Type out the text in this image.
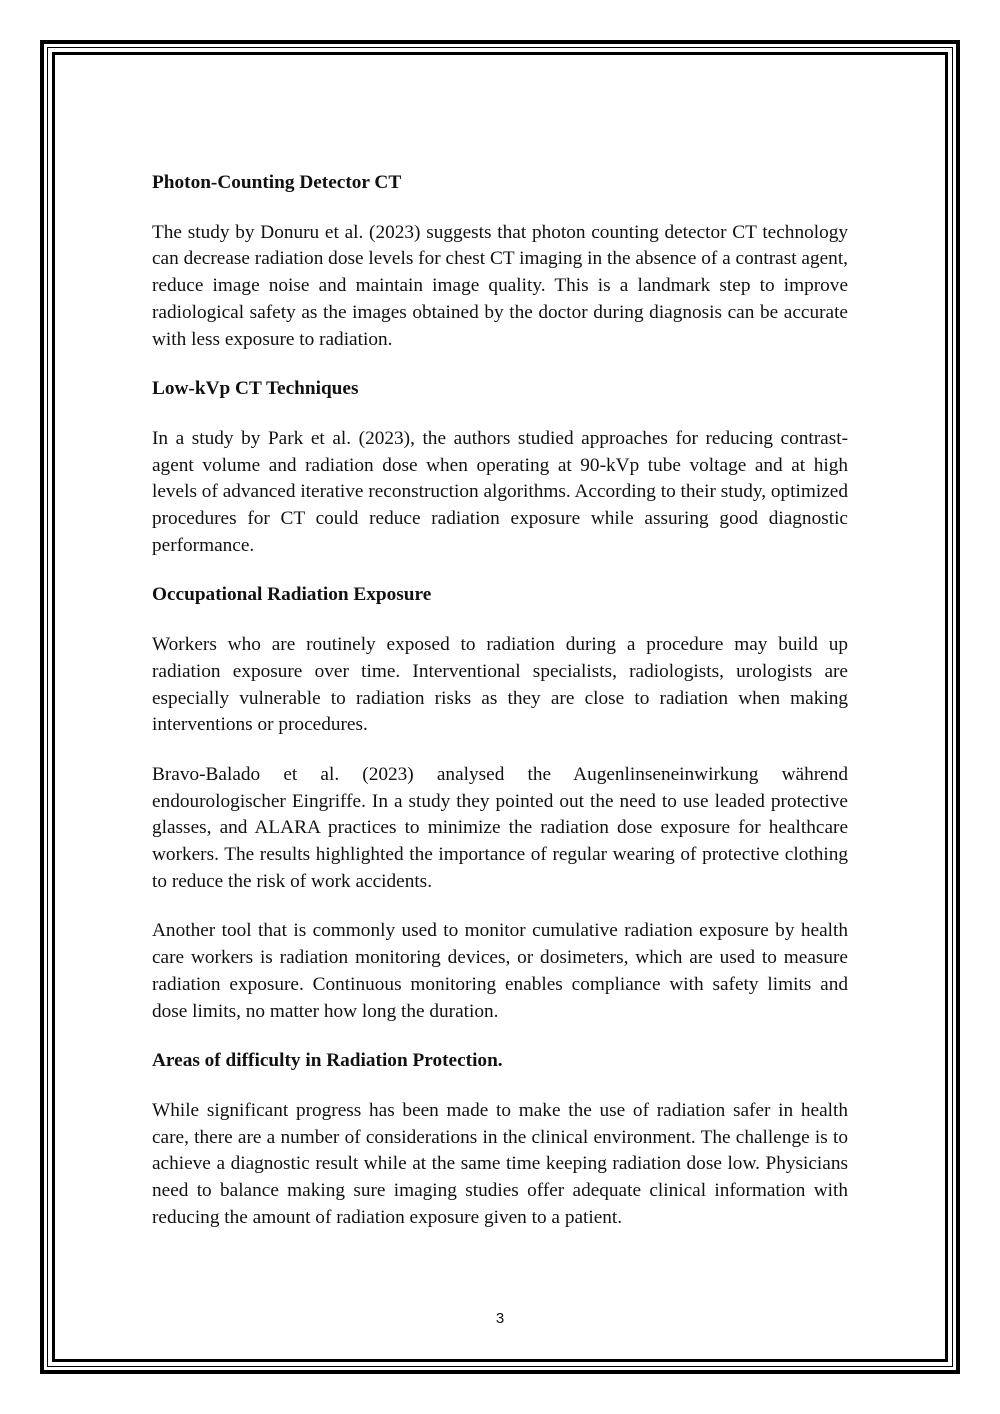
Photon-Counting Detector CT
The study by Donuru et al. (2023) suggests that photon counting detector CT technology can decrease radiation dose levels for chest CT imaging in the absence of a contrast agent, reduce image noise and maintain image quality. This is a landmark step to improve radiological safety as the images obtained by the doctor during diagnosis can be accurate with less exposure to radiation.
Low-kVp CT Techniques
In a study by Park et al. (2023), the authors studied approaches for reducing contrast-agent volume and radiation dose when operating at 90-kVp tube voltage and at high levels of advanced iterative reconstruction algorithms. According to their study, optimized procedures for CT could reduce radiation exposure while assuring good diagnostic performance.
Occupational Radiation Exposure
Workers who are routinely exposed to radiation during a procedure may build up radiation exposure over time. Interventional specialists, radiologists, urologists are especially vulnerable to radiation risks as they are close to radiation when making interventions or procedures.
Bravo-Balado et al. (2023) analysed the Augenlinseneinwirkung während endourologischer Eingriffe. In a study they pointed out the need to use leaded protective glasses, and ALARA practices to minimize the radiation dose exposure for healthcare workers. The results highlighted the importance of regular wearing of protective clothing to reduce the risk of work accidents.
Another tool that is commonly used to monitor cumulative radiation exposure by health care workers is radiation monitoring devices, or dosimeters, which are used to measure radiation exposure. Continuous monitoring enables compliance with safety limits and dose limits, no matter how long the duration.
Areas of difficulty in Radiation Protection.
While significant progress has been made to make the use of radiation safer in health care, there are a number of considerations in the clinical environment. The challenge is to achieve a diagnostic result while at the same time keeping radiation dose low. Physicians need to balance making sure imaging studies offer adequate clinical information with reducing the amount of radiation exposure given to a patient.
3
